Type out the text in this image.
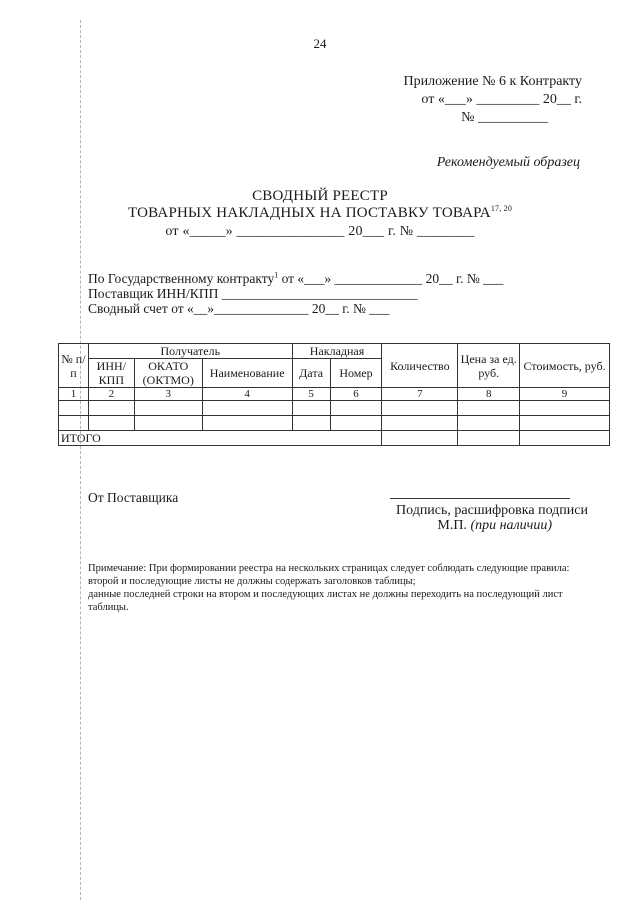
24
Приложение № 6 к Контракту
от «___» _________ 20__ г.
№ __________
Рекомендуемый образец
СВОДНЫЙ РЕЕСТР
ТОВАРНЫХ НАКЛАДНЫХ НА ПОСТАВКУ ТОВАРА$^{17, 20}$
от «_____» _______________ 20___ г. № ________
По Государственному контракту$^1$ от «___» _____________ 20__ г. № ___
Поставщик ИНН/КПП _____________________________
Сводный счет от «__»______________ 20__ г. № ___
№ п/п	Получатель			Накладная		Количество	Цена за ед. руб.	Стоимость, руб.
	ИНН/ КПП	ОКАТО (ОКТМО)	Наименование	Дата	Номер			
1	2	3	4	5	6	7	8	9

ИТОГО								
От Поставщика
Подпись, расшифровка подписи
М.П. (при наличии)
Примечание: При формировании реестра на нескольких страницах следует соблюдать следующие правила:
второй и последующие листы не должны содержать заголовков таблицы;
данные последней строки на втором и последующих листах не должны переходить на последующий лист
таблицы.
